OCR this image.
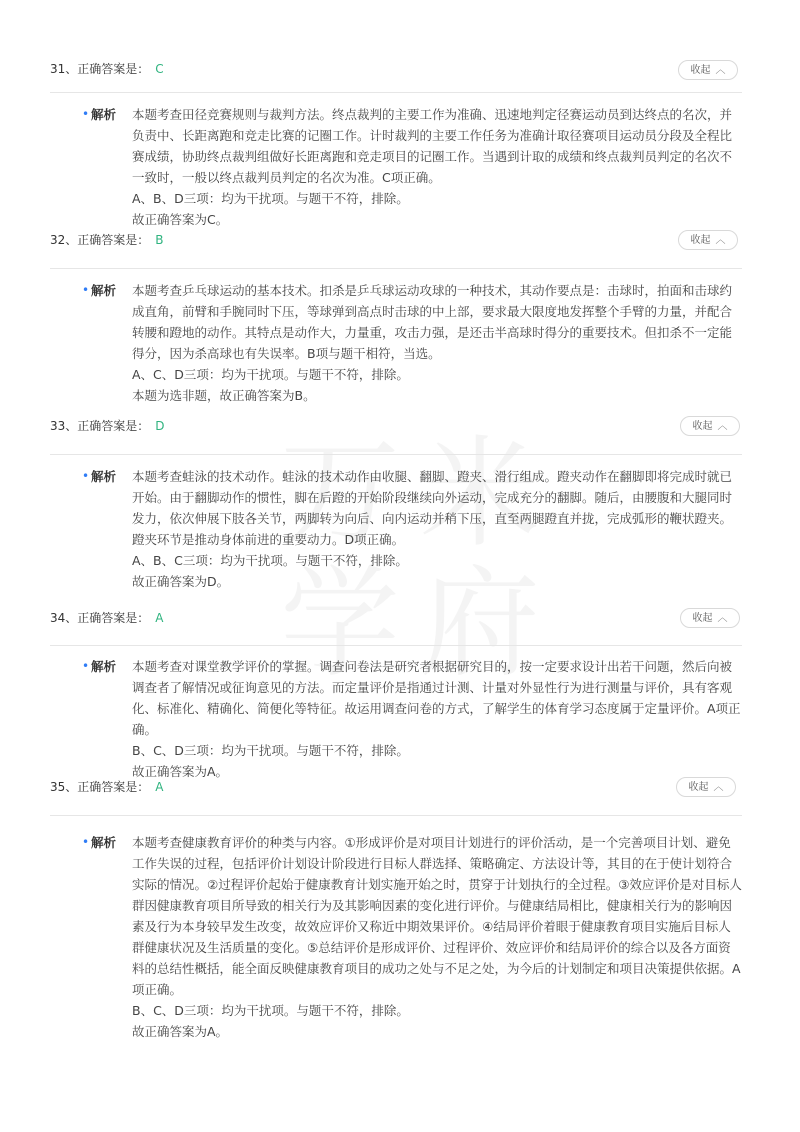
31、正确答案是： C	收起 ︿
• 解析 本题考查田径竞赛规则与裁判方法。终点裁判的主要工作为准确、迅速地判定径赛运动员到达终点的名次，并负责中、长距离跑和竞走比赛的记圈工作。计时裁判的主要工作任务为准确计取径赛项目运动员分段及全程比赛成绩，协助终点裁判组做好长距离跑和竞走项目的记圈工作。当遇到计取的成绩和终点裁判员判定的名次不一致时，一般以终点裁判员判定的名次为准。C项正确。

A、B、D三项：均为干扰项。与题干不符，排除。

故正确答案为C。

32、正确答案是： B	收起 ︿
• 解析 本题考查乒乓球运动的基本技术。扣杀是乒乓球运动攻球的一种技术，其动作要点是：击球时，拍面和击球约成直角，前臂和手腕同时下压，等球弹到高点时击球的中上部，要求最大限度地发挥整个手臂的力量，并配合转腰和蹬地的动作。其特点是动作大，力量重，攻击力强，是还击半高球时得分的重要技术。但扣杀不一定能得分，因为杀高球也有失误率。B项与题干相符，当选。

A、C、D三项：均为干扰项。与题干不符，排除。

本题为选非题，故正确答案为B。

33、正确答案是： D	收起 ︿
• 解析 本题考查蛙泳的技术动作。蛙泳的技术动作由收腿、翻脚、蹬夹、滑行组成。蹬夹动作在翻脚即将完成时就已开始。由于翻脚动作的惯性，脚在后蹬的开始阶段继续向外运动，完成充分的翻脚。随后，由腰腹和大腿同时发力，依次伸展下肢各关节，两脚转为向后、向内运动并稍下压，直至两腿蹬直并拢，完成弧形的鞭状蹬夹。蹬夹环节是推动身体前进的重要动力。D项正确。

A、B、C三项：均为干扰项。与题干不符，排除。

故正确答案为D。

34、正确答案是： A	收起 ︿
• 解析 本题考查对课堂教学评价的掌握。调查问卷法是研究者根据研究目的，按一定要求设计出若干问题，然后向被调查者了解情况或征询意见的方法。而定量评价是指通过计测、计量对外显性行为进行测量与评价，具有客观化、标准化、精确化、简便化等特征。故运用调查问卷的方式，了解学生的体育学习态度属于定量评价。A项正确。

B、C、D三项：均为干扰项。与题干不符，排除。

故正确答案为A。

35、正确答案是： A	收起 ︿
• 解析 本题考查健康教育评价的种类与内容。①形成评价是对项目计划进行的评价活动，是一个完善项目计划、避免工作失误的过程，包括评价计划设计阶段进行目标人群选择、策略确定、方法设计等，其目的在于使计划符合实际的情况。②过程评价起始于健康教育计划实施开始之时，贯穿于计划执行的全过程。③效应评价是对目标人群因健康教育项目所导致的相关行为及其影响因素的变化进行评价。与健康结局相比，健康相关行为的影响因素及行为本身较早发生改变，故效应评价又称近中期效果评价。④结局评价着眼于健康教育项目实施后目标人群健康状况及生活质量的变化。⑤总结评价是形成评价、过程评价、效应评价和结局评价的综合以及各方面资料的总结性概括，能全面反映健康教育项目的成功之处与不足之处，为今后的计划制定和项目决策提供依据。A项正确。

B、C、D三项：均为干扰项。与题干不符，排除。

故正确答案为A。
